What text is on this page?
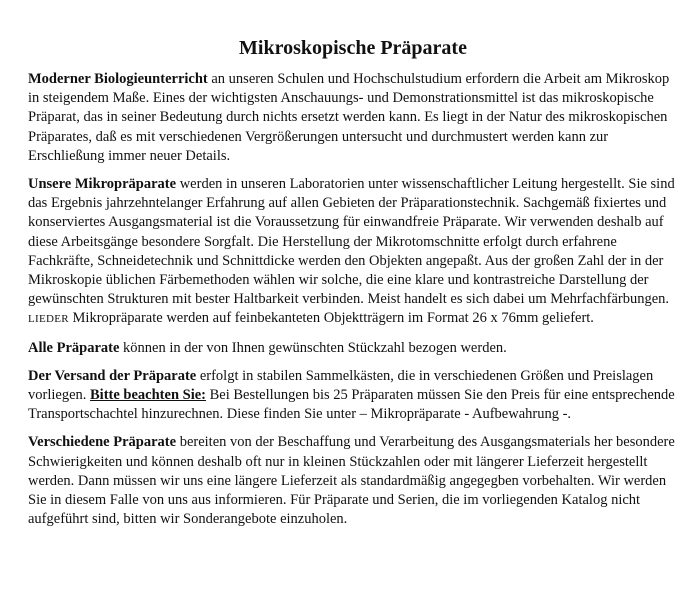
Mikroskopische Präparate

Moderner Biologieunterricht an unseren Schulen und Hochschulstudium erfordern die Arbeit am Mikroskop in steigendem Maße. Eines der wichtigsten Anschauungs- und Demonstrationsmittel ist das mikroskopische Präparat, das in seiner Bedeutung durch nichts ersetzt werden kann. Es liegt in der Natur des mikroskopischen Präparates, daß es mit verschiedenen Vergrößerungen untersucht und durchmustert werden kann zur Erschließung immer neuer Details.

Unsere Mikropräparate werden in unseren Laboratorien unter wissenschaftlicher Leitung hergestellt. Sie sind das Ergebnis jahrzehntelanger Erfahrung auf allen Gebieten der Präparationstechnik. Sachgemäß fixiertes und konserviertes Ausgangsmaterial ist die Voraussetzung für einwandfreie Präparate. Wir verwenden deshalb auf diese Arbeitsgänge besondere Sorgfalt. Die Herstellung der Mikrotomschnitte erfolgt durch erfahrene Fachkräfte, Schneidetechnik und Schnittdicke werden den Objekten angepaßt. Aus der großen Zahl der in der Mikroskopie üblichen Färbemethoden wählen wir solche, die eine klare und kontrastreiche Darstellung der gewünschten Strukturen mit bester Haltbarkeit verbinden. Meist handelt es sich dabei um Mehrfachfärbungen.
LIEDER Mikropräparate werden auf feinbekanteten Objektträgern im Format 26 x 76mm geliefert.

Alle Präparate können in der von Ihnen gewünschten Stückzahl bezogen werden.

Der Versand der Präparate erfolgt in stabilen Sammelkästen, die in verschiedenen Größen und Preislagen vorliegen. Bitte beachten Sie: Bei Bestellungen bis 25 Präparaten müssen Sie den Preis für eine entsprechende Transportschachtel hinzurechnen. Diese finden Sie unter – Mikropräparate - Aufbewahrung -.

Verschiedene Präparate bereiten von der Beschaffung und Verarbeitung des Ausgangsmaterials her besondere Schwierigkeiten und können deshalb oft nur in kleinen Stückzahlen oder mit längerer Lieferzeit hergestellt werden. Dann müssen wir uns eine längere Lieferzeit als standardmäßig angegegben vorbehalten. Wir werden Sie in diesem Falle von uns aus informieren. Für Präparate und Serien, die im vorliegenden Katalog nicht aufgeführt sind, bitten wir Sonderangebote einzuholen.
